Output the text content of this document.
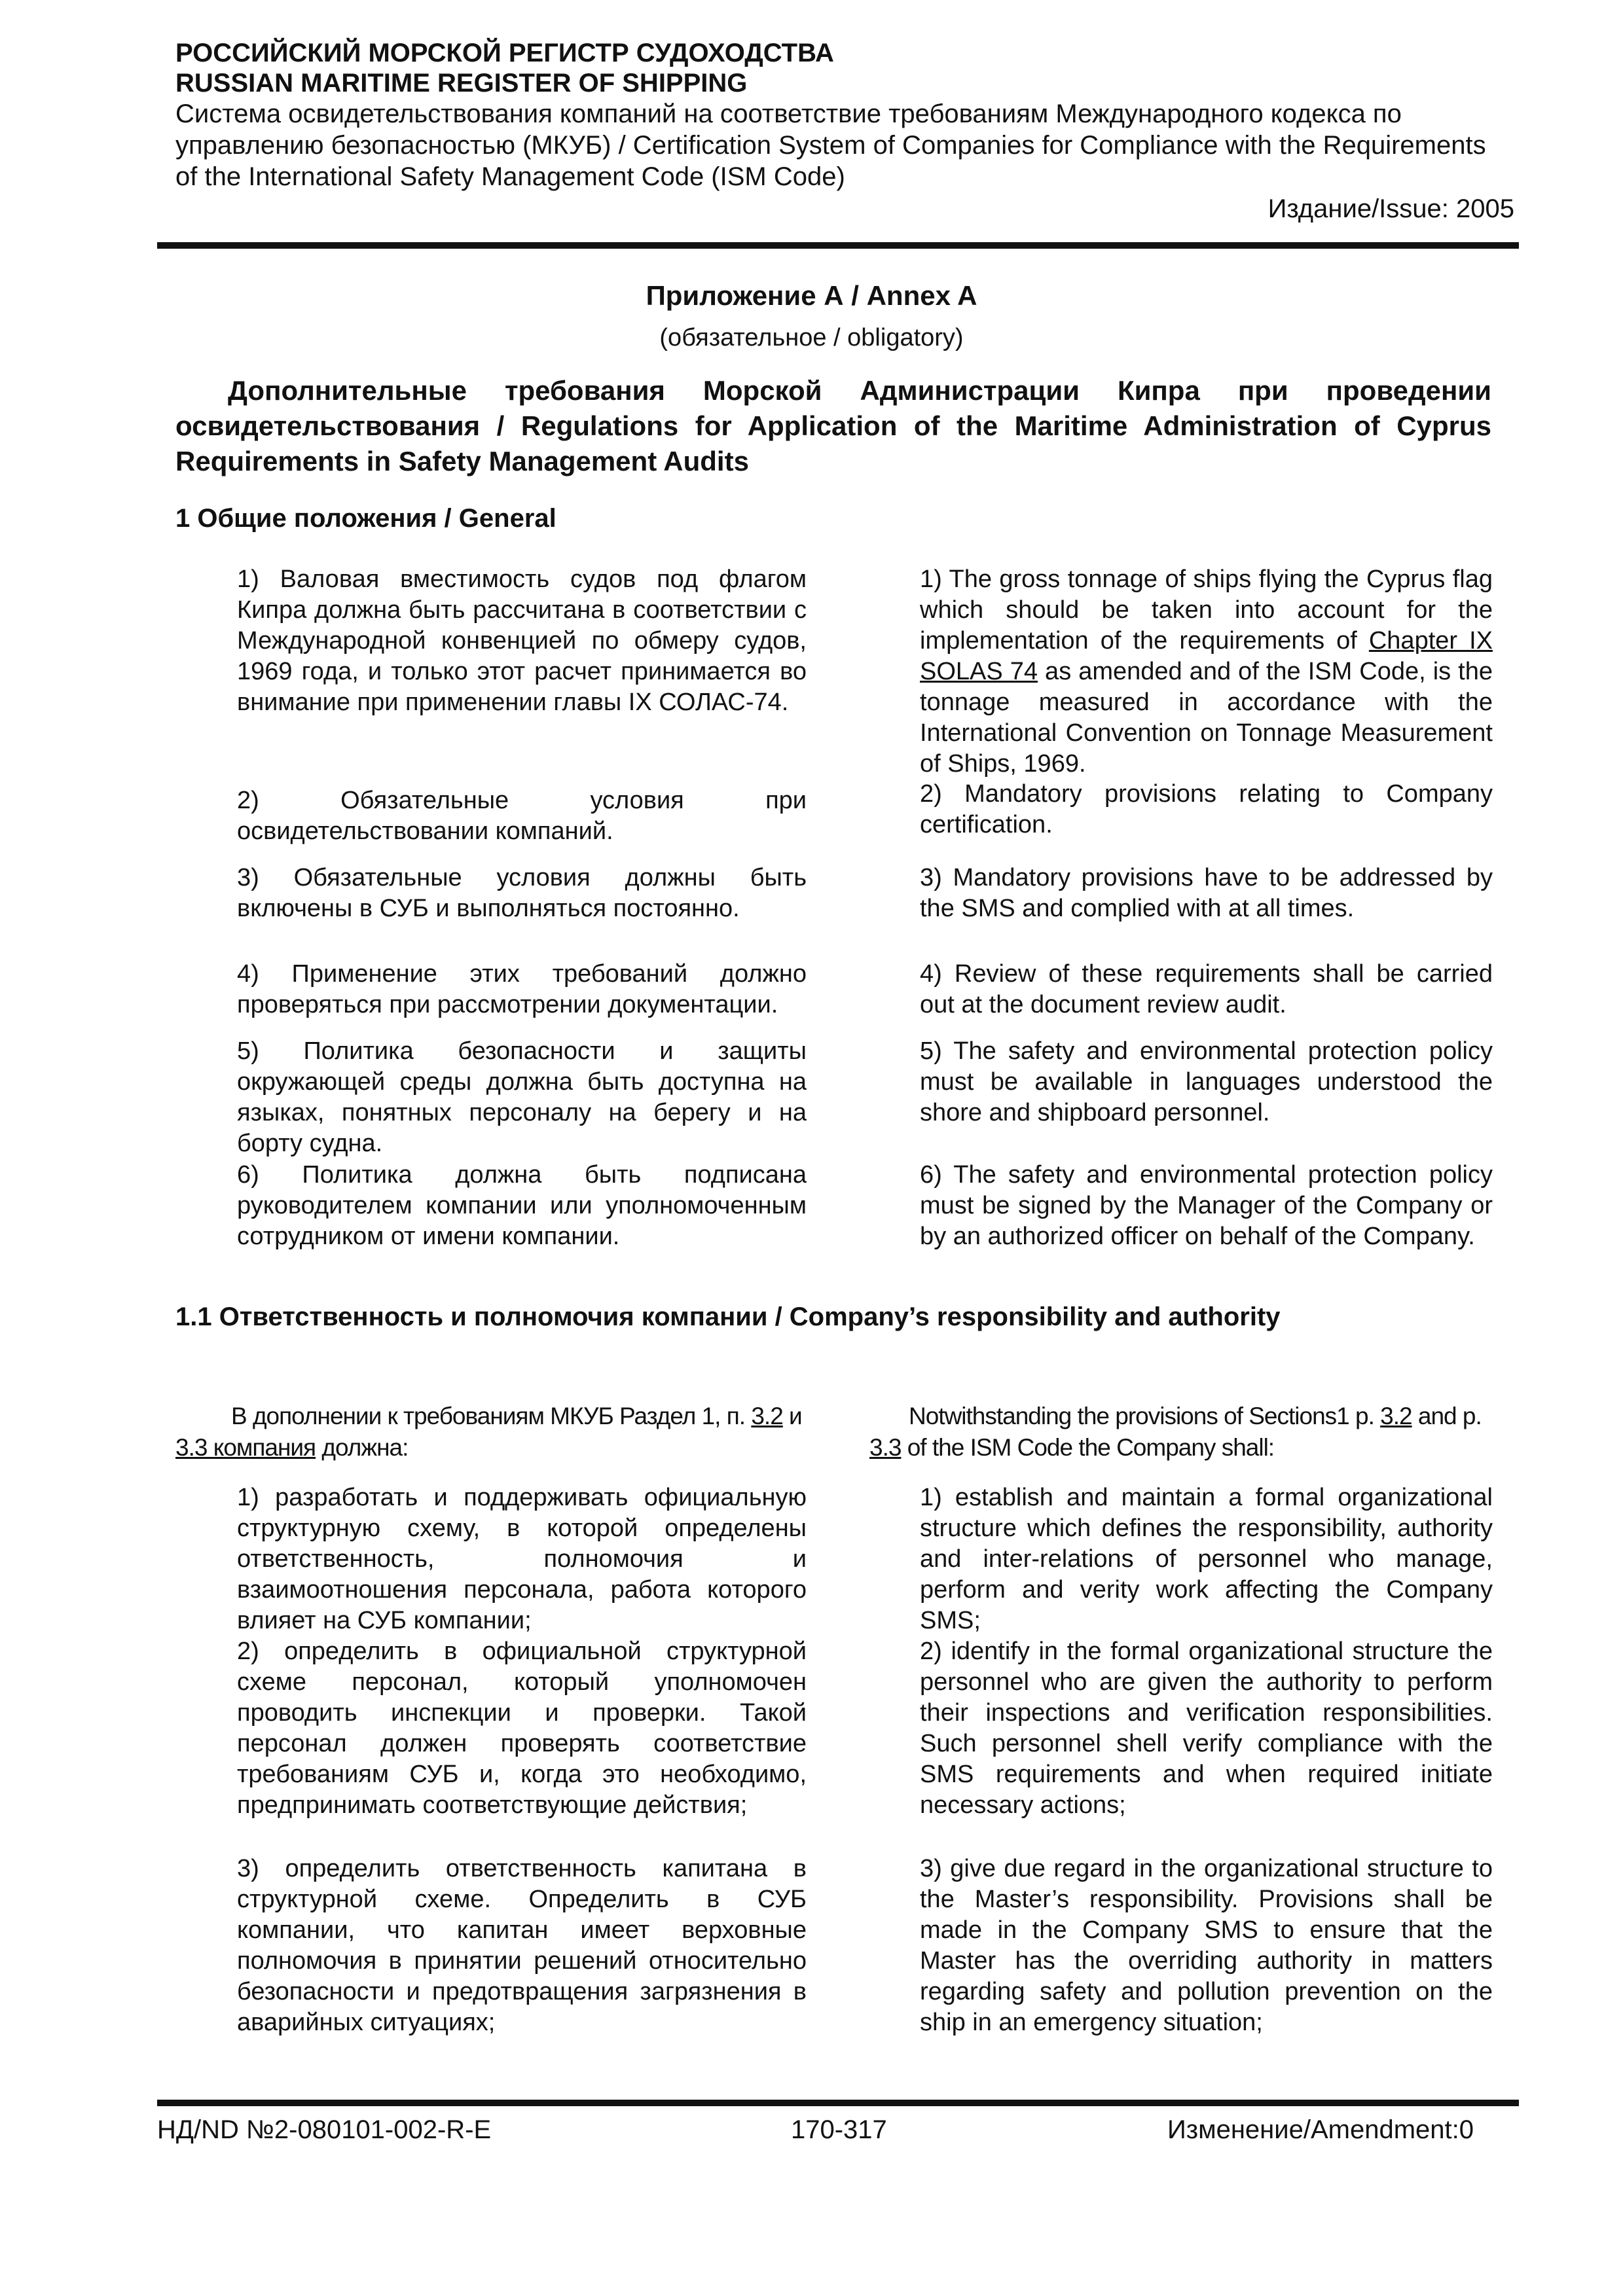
РОССИЙСКИЙ МОРСКОЙ РЕГИСТР СУДОХОДСТВА

RUSSIAN MARITIME REGISTER OF SHIPPING

Система освидетельствования компаний на соответствие требованиям Международного кодекса по управлению безопасностью (МКУБ) / Certification System of Companies for Compliance with the Requirements of the International Safety Management Code (ISM Code)

Издание/Issue: 2005

Приложение А / Annex A
(обязательное / obligatory)
Дополнительные требования Морской Администрации Кипра при проведении освидетельствования / Regulations for Application of the Maritime Administration of Cyprus Requirements in Safety Management Audits
1 Общие положения / General

1) Валовая вместимость судов под флагом Кипра должна быть рассчитана в соответствии с Международной конвенцией по обмеру судов, 1969 года, и только этот расчет принимается во внимание при применении главы IX СОЛАС-74.

2) Обязательные условия при освидетельствовании компаний.

3) Обязательные условия должны быть включены в СУБ и выполняться постоянно.

4) Применение этих требований должно проверяться при рассмотрении документации.

5) Политика безопасности и защиты окружающей среды должна быть доступна на языках, понятных персоналу на берегу и на борту судна.

6) Политика должна быть подписана руководителем компании или уполномоченным сотрудником от имени компании.

1) The gross tonnage of ships flying the Cyprus flag which should be taken into account for the implementation of the requirements of Chapter IX SOLAS 74 as amended and of the ISM Code, is the tonnage measured in accordance with the International Convention on Tonnage Measurement of Ships, 1969.

2) Mandatory provisions relating to Company certification.

3) Mandatory provisions have to be addressed by the SMS and complied with at all times.

4) Review of these requirements shall be carried out at the document review audit.

5) The safety and environmental protection policy must be available in languages understood the shore and shipboard personnel.

6) The safety and environmental protection policy must be signed by the Manager of the Company or by an authorized officer on behalf of the Company.

1.1 Ответственность и полномочия компании / Company’s responsibility and authority
В дополнении к требованиям МКУБ Раздел 1, п. 3.2 и 3.3 компания должна:
Notwithstanding the provisions of Sections1 p. 3.2 and p. 3.3 of the ISM Code the Company shall:

1) разработать и поддерживать официальную структурную схему, в которой определены ответственность, полномочия и взаимоотношения персонала, работа которого влияет на СУБ компании;

2) определить в официальной структурной схеме персонал, который уполномочен проводить инспекции и проверки. Такой персонал должен проверять соответствие требованиям СУБ и, когда это необходимо, предпринимать соответствующие действия;

3) определить ответственность капитана в структурной схеме. Определить в СУБ компании, что капитан имеет верховные полномочия в принятии решений относительно безопасности и предотвращения загрязнения в аварийных ситуациях;

1) establish and maintain a formal organizational structure which defines the responsibility, authority and inter-relations of personnel who manage, perform and verity work affecting the Company SMS;

2) identify in the formal organizational structure the personnel who are given the authority to perform their inspections and verification responsibilities. Such personnel shell verify compliance with the SMS requirements and when required initiate necessary actions;

3) give due regard in the organizational structure to the Master’s responsibility. Provisions shall be made in the Company SMS to ensure that the Master has the overriding authority in matters regarding safety and pollution prevention on the ship in an emergency situation;

НД/ND №2-080101-002-R-E	170-317	Изменение/Amendment:0
